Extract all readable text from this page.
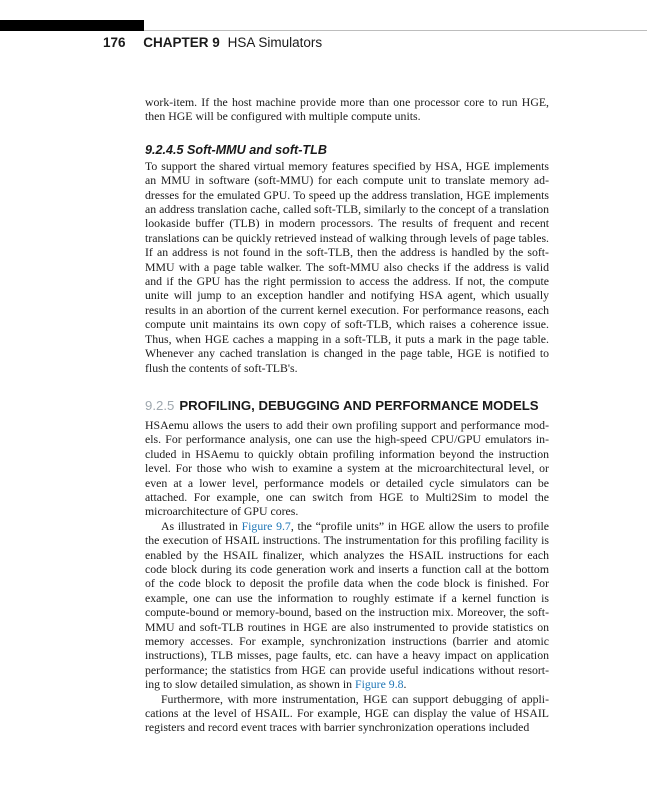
176 CHAPTER 9 HSA Simulators

work-item. If the host machine provide more than one processor core to run HGE, then HGE will be configured with multiple compute units.

9.2.4.5 Soft-MMU and soft-TLB

To support the shared virtual memory features specified by HSA, HGE implements an MMU in software (soft-MMU) for each compute unit to translate memory addresses for the emulated GPU. To speed up the address translation, HGE implements an address translation cache, called soft-TLB, similarly to the concept of a translation lookaside buffer (TLB) in modern processors. The results of frequent and recent translations can be quickly retrieved instead of walking through levels of page tables. If an address is not found in the soft-TLB, then the address is handled by the soft-MMU with a page table walker. The soft-MMU also checks if the address is valid and if the GPU has the right permission to access the address. If not, the compute unite will jump to an exception handler and notifying HSA agent, which usually results in an abortion of the current kernel execution. For performance reasons, each compute unit maintains its own copy of soft-TLB, which raises a coherence issue. Thus, when HGE caches a mapping in a soft-TLB, it puts a mark in the page table. Whenever any cached translation is changed in the page table, HGE is notified to flush the contents of soft-TLB's.

9.2.5 PROFILING, DEBUGGING AND PERFORMANCE MODELS

HSAemu allows the users to add their own profiling support and performance models. For performance analysis, one can use the high-speed CPU/GPU emulators included in HSAemu to quickly obtain profiling information beyond the instruction level. For those who wish to examine a system at the microarchitectural level, or even at a lower level, performance models or detailed cycle simulators can be attached. For example, one can switch from HGE to Multi2Sim to model the microarchitecture of GPU cores.

As illustrated in Figure 9.7, the “profile units” in HGE allow the users to profile the execution of HSAIL instructions. The instrumentation for this profiling facility is enabled by the HSAIL finalizer, which analyzes the HSAIL instructions for each code block during its code generation work and inserts a function call at the bottom of the code block to deposit the profile data when the code block is finished. For example, one can use the information to roughly estimate if a kernel function is compute-bound or memory-bound, based on the instruction mix. Moreover, the soft-MMU and soft-TLB routines in HGE are also instrumented to provide statistics on memory accesses. For example, synchronization instructions (barrier and atomic instructions), TLB misses, page faults, etc. can have a heavy impact on application performance; the statistics from HGE can provide useful indications without resorting to slow detailed simulation, as shown in Figure 9.8.

Furthermore, with more instrumentation, HGE can support debugging of applications at the level of HSAIL. For example, HGE can display the value of HSAIL registers and record event traces with barrier synchronization operations included
